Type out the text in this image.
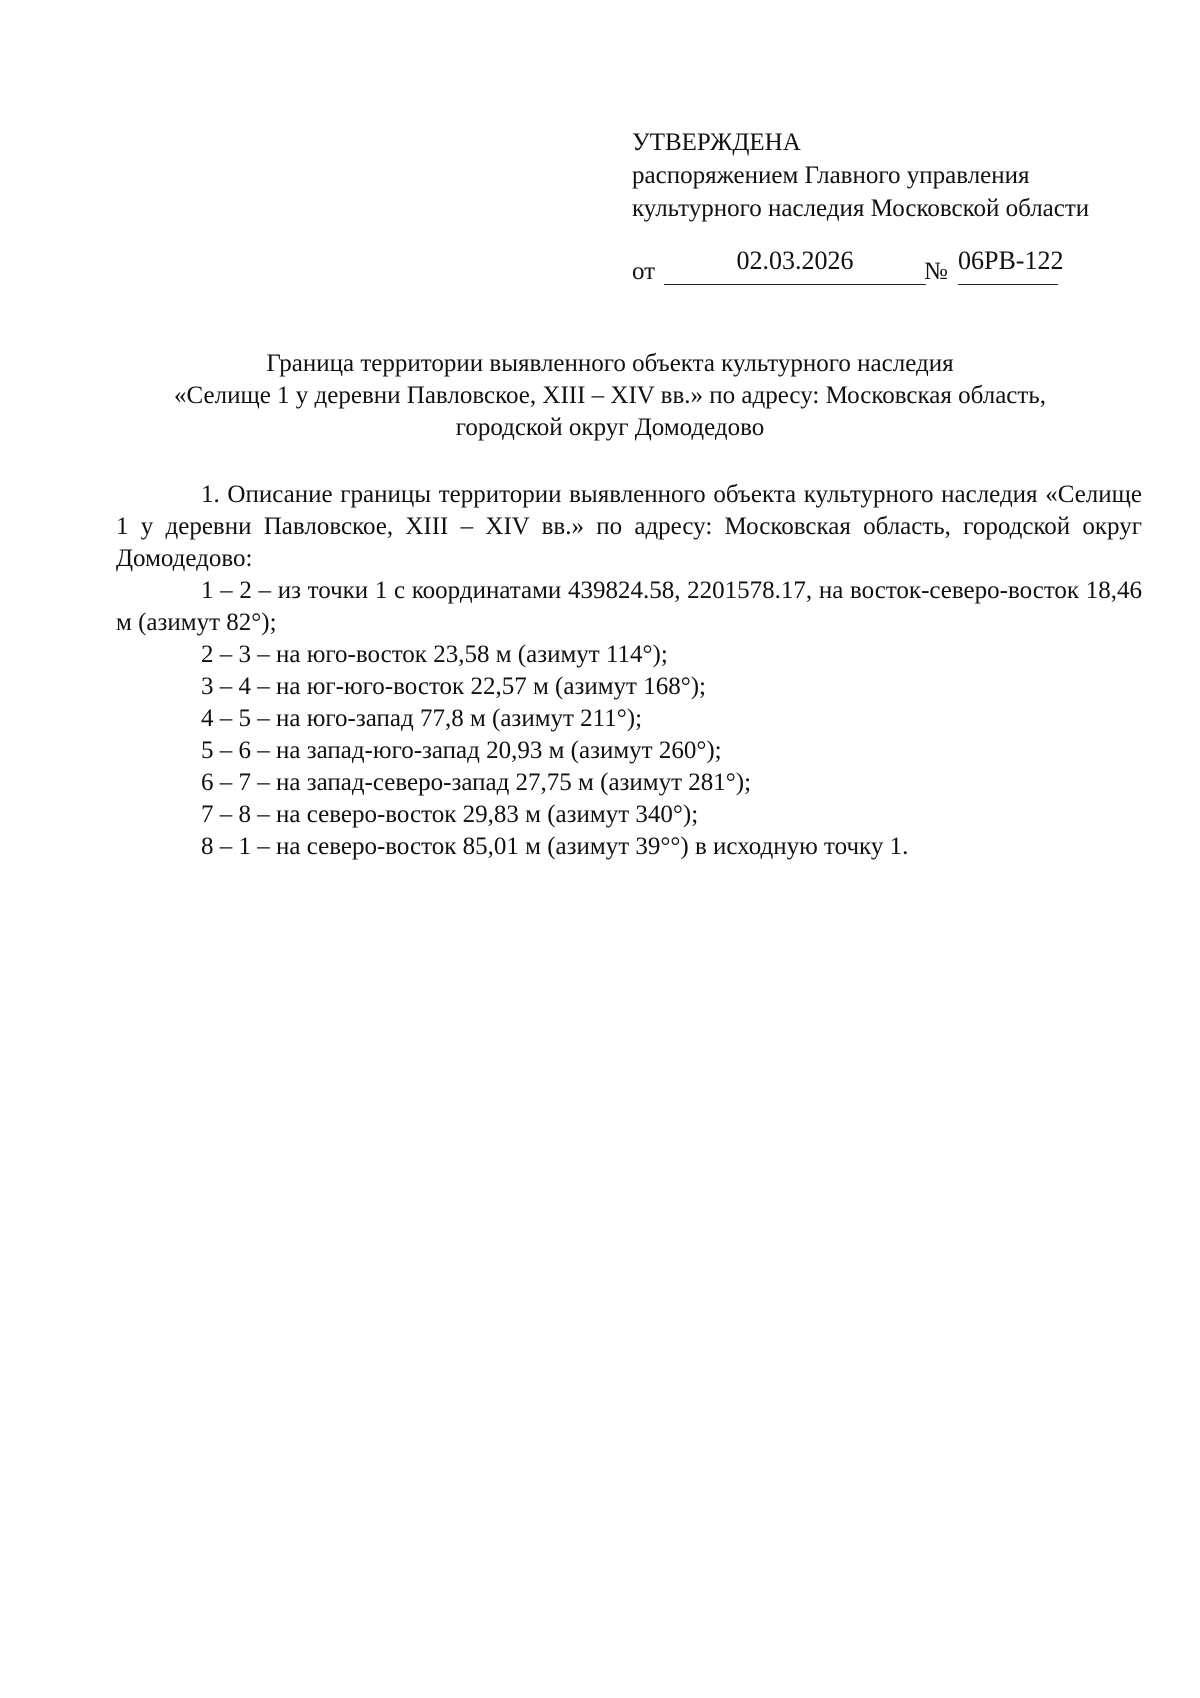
УТВЕРЖДЕНА
распоряжением Главного управления
культурного наследия Московской области
от	02.03.2026	№ 06РВ-122
Граница территории выявленного объекта культурного наследия
«Селище 1 у деревни Павловское, XIII – XIV вв.» по адресу: Московская область,
городской округ Домодедово

1. Описание границы территории выявленного объекта культурного наследия «Селище 1 у деревни Павловское, XIII – XIV вв.» по адресу: Московская область, городской округ Домодедово:

1 – 2 – из точки 1 с координатами 439824.58, 2201578.17, на восток-северо-восток 18,46 м (азимут 82°);

2 – 3 – на юго-восток 23,58 м (азимут 114°);

3 – 4 – на юг-юго-восток 22,57 м (азимут 168°);

4 – 5 – на юго-запад 77,8 м (азимут 211°);

5 – 6 – на запад-юго-запад 20,93 м (азимут 260°);

6 – 7 – на запад-северо-запад 27,75 м (азимут 281°);

7 – 8 – на северо-восток 29,83 м (азимут 340°);

8 – 1 – на северо-восток 85,01 м (азимут 39°°) в исходную точку 1.
